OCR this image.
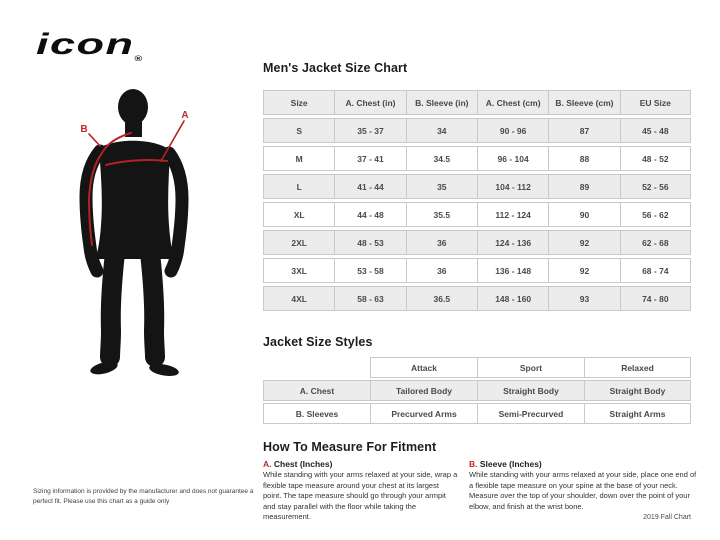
icon$_®$
A
B
Men's Jacket Size Chart
Size	A. Chest (in)	B. Sleeve (in)	A. Chest (cm)	B. Sleeve (cm)	EU Size
S	35 - 37	34	90 - 96	87	45 - 48
M	37 - 41	34.5	96 - 104	88	48 - 52
L	41 - 44	35	104 - 112	89	52 - 56
XL	44 - 48	35.5	112 - 124	90	56 - 62
2XL	48 - 53	36	124 - 136	92	62 - 68
3XL	53 - 58	36	136 - 148	92	68 - 74
4XL	58 - 63	36.5	148 - 160	93	74 - 80
Jacket Size Styles
	Attack	Sport	Relaxed
A. Chest	Tailored Body	Straight Body	Straight Body
B. Sleeves	Precurved Arms	Semi-Precurved	Straight Arms
How To Measure For Fitment
A. Chest (Inches)

While standing with your arms relaxed at your side, wrap a flexible tape measure around your chest at its largest point. The tape measure should go through your armpit and stay parallel with the floor while taking the measurement.

B. Sleeve (Inches)

While standing with your arms relaxed at your side, place one end of a flexible tape measure on your spine at the base of your neck. Measure over the top of your shoulder, down over the point of your elbow, and finish at the wrist bone.

Sizing information is provided by the manufacturer and does not guarantee a perfect fit. Please use this chart as a guide only
2019 Fall Chart
